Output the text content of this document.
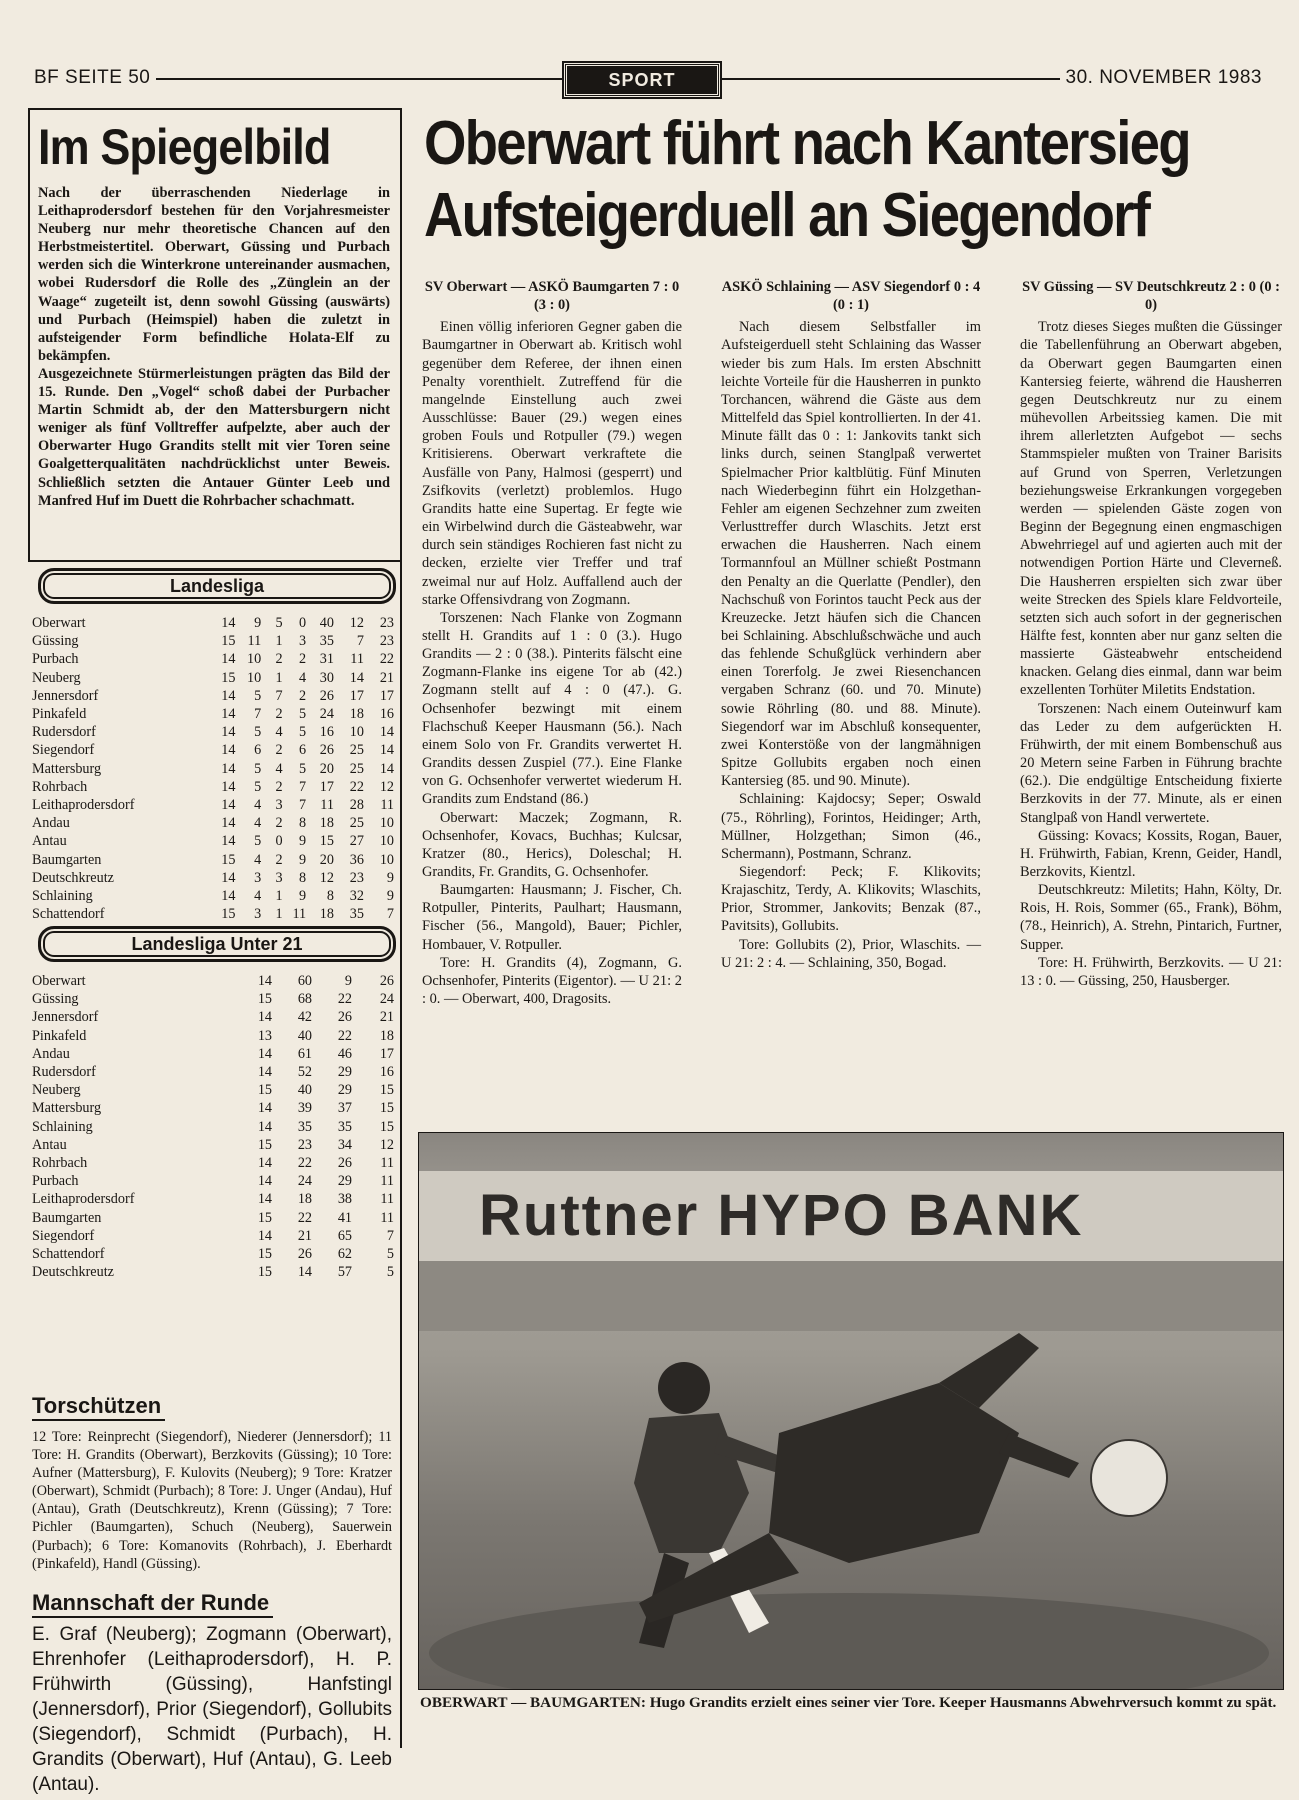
BF SEITE 50	SPORT	30. NOVEMBER 1983
Im Spiegelbild

Nach der überraschenden Niederlage in Leithaprodersdorf bestehen für den Vorjahresmeister Neuberg nur mehr theoretische Chancen auf den Herbstmeistertitel. Oberwart, Güssing und Purbach werden sich die Winterkrone untereinander ausmachen, wobei Rudersdorf die Rolle des „Zünglein an der Waage“ zugeteilt ist, denn sowohl Güssing (auswärts) und Purbach (Heimspiel) haben die zuletzt in aufsteigender Form befindliche Holata-Elf zu bekämpfen.

Ausgezeichnete Stürmerleistungen prägten das Bild der 15. Runde. Den „Vogel“ schoß dabei der Purbacher Martin Schmidt ab, der den Mattersburgern nicht weniger als fünf Volltreffer aufpelzte, aber auch der Oberwarter Hugo Grandits stellt mit vier Toren seine Goalgetterqualitäten nachdrücklichst unter Beweis. Schließlich setzten die Antauer Günter Leeb und Manfred Huf im Duett die Rohrbacher schachmatt.

Landesliga
Oberwart	14	9	5	0	40	12	23
Güssing	15	11	1	3	35	7	23
Purbach	14	10	2	2	31	11	22
Neuberg	15	10	1	4	30	14	21
Jennersdorf	14	5	7	2	26	17	17
Pinkafeld	14	7	2	5	24	18	16
Rudersdorf	14	5	4	5	16	10	14
Siegendorf	14	6	2	6	26	25	14
Mattersburg	14	5	4	5	20	25	14
Rohrbach	14	5	2	7	17	22	12
Leithaprodersdorf	14	4	3	7	11	28	11
Andau	14	4	2	8	18	25	10
Antau	14	5	0	9	15	27	10
Baumgarten	15	4	2	9	20	36	10
Deutschkreutz	14	3	3	8	12	23	9
Schlaining	14	4	1	9	8	32	9
Schattendorf	15	3	1	11	18	35	7
Landesliga Unter 21
Oberwart	14	60	9	26
Güssing	15	68	22	24
Jennersdorf	14	42	26	21
Pinkafeld	13	40	22	18
Andau	14	61	46	17
Rudersdorf	14	52	29	16
Neuberg	15	40	29	15
Mattersburg	14	39	37	15
Schlaining	14	35	35	15
Antau	15	23	34	12
Rohrbach	14	22	26	11
Purbach	14	24	29	11
Leithaprodersdorf	14	18	38	11
Baumgarten	15	22	41	11
Siegendorf	14	21	65	7
Schattendorf	15	26	62	5
Deutschkreutz	15	14	57	5
Torschützen
12 Tore: Reinprecht (Siegendorf), Niederer (Jennersdorf); 11 Tore: H. Grandits (Oberwart), Berzkovits (Güssing); 10 Tore: Aufner (Mattersburg), F. Kulovits (Neuberg); 9 Tore: Kratzer (Oberwart), Schmidt (Purbach); 8 Tore: J. Unger (Andau), Huf (Antau), Grath (Deutschkreutz), Krenn (Güssing); 7 Tore: Pichler (Baumgarten), Schuch (Neuberg), Sauerwein (Purbach); 6 Tore: Komanovits (Rohrbach), J. Eberhardt (Pinkafeld), Handl (Güssing).
Mannschaft der Runde
E. Graf (Neuberg); Zogmann (Oberwart), Ehrenhofer (Leithaprodersdorf), H. P. Frühwirth (Güssing), Hanfstingl (Jennersdorf), Prior (Siegendorf), Gollubits (Siegendorf), Schmidt (Purbach), H. Grandits (Oberwart), Huf (Antau), G. Leeb (Antau).
Oberwart führt nach Kantersieg
Aufsteigerduell an Siegendorf
SV Oberwart — ASKÖ Baumgarten 7 : 0 (3 : 0)

Einen völlig inferioren Gegner gaben die Baumgartner in Oberwart ab. Kritisch wohl gegenüber dem Referee, der ihnen einen Penalty vorenthielt. Zutreffend für die mangelnde Einstellung auch zwei Ausschlüsse: Bauer (29.) wegen eines groben Fouls und Rotpuller (79.) wegen Kritisierens. Oberwart verkraftete die Ausfälle von Pany, Halmosi (gesperrt) und Zsifkovits (verletzt) problemlos. Hugo Grandits hatte eine Supertag. Er fegte wie ein Wirbelwind durch die Gästeabwehr, war durch sein ständiges Rochieren fast nicht zu decken, erzielte vier Treffer und traf zweimal nur auf Holz. Auffallend auch der starke Offensivdrang von Zogmann.

Torszenen: Nach Flanke von Zogmann stellt H. Grandits auf 1 : 0 (3.). Hugo Grandits — 2 : 0 (38.). Pinterits fälscht eine Zogmann-Flanke ins eigene Tor ab (42.) Zogmann stellt auf 4 : 0 (47.). G. Ochsenhofer bezwingt mit einem Flachschuß Keeper Hausmann (56.). Nach einem Solo von Fr. Grandits verwertet H. Grandits dessen Zuspiel (77.). Eine Flanke von G. Ochsenhofer verwertet wiederum H. Grandits zum Endstand (86.)

Oberwart: Maczek; Zogmann, R. Ochsenhofer, Kovacs, Buchhas; Kulcsar, Kratzer (80., Herics), Doleschal; H. Grandits, Fr. Grandits, G. Ochsenhofer.

Baumgarten: Hausmann; J. Fischer, Ch. Rotpuller, Pinterits, Paulhart; Hausmann, Fischer (56., Mangold), Bauer; Pichler, Hombauer, V. Rotpuller.

Tore: H. Grandits (4), Zogmann, G. Ochsenhofer, Pinterits (Eigentor). — U 21: 2 : 0. — Oberwart, 400, Dragosits.

ASKÖ Schlaining — ASV Siegendorf 0 : 4 (0 : 1)

Nach diesem Selbstfaller im Aufsteigerduell steht Schlaining das Wasser wieder bis zum Hals. Im ersten Abschnitt leichte Vorteile für die Hausherren in punkto Torchancen, während die Gäste aus dem Mittelfeld das Spiel kontrollierten. In der 41. Minute fällt das 0 : 1: Jankovits tankt sich links durch, seinen Stanglpaß verwertet Spielmacher Prior kaltblütig. Fünf Minuten nach Wiederbeginn führt ein Holzgethan-Fehler am eigenen Sechzehner zum zweiten Verlusttreffer durch Wlaschits. Jetzt erst erwachen die Hausherren. Nach einem Tormannfoul an Müllner schießt Postmann den Penalty an die Querlatte (Pendler), den Nachschuß von Forintos taucht Peck aus der Kreuzecke. Jetzt häufen sich die Chancen bei Schlaining. Abschlußschwäche und auch das fehlende Schußglück verhindern aber einen Torerfolg. Je zwei Riesenchancen vergaben Schranz (60. und 70. Minute) sowie Röhrling (80. und 88. Minute). Siegendorf war im Abschluß konsequenter, zwei Konterstöße von der langmähnigen Spitze Gollubits ergaben noch einen Kantersieg (85. und 90. Minute).

Schlaining: Kajdocsy; Seper; Oswald (75., Röhrling), Forintos, Heidinger; Arth, Müllner, Holzgethan; Simon (46., Schermann), Postmann, Schranz.

Siegendorf: Peck; F. Klikovits; Krajaschitz, Terdy, A. Klikovits; Wlaschits, Prior, Strommer, Jankovits; Benzak (87., Pavitsits), Gollubits.

Tore: Gollubits (2), Prior, Wlaschits. — U 21: 2 : 4. — Schlaining, 350, Bogad.

SV Güssing — SV Deutschkreutz 2 : 0 (0 : 0)

Trotz dieses Sieges mußten die Güssinger die Tabellenführung an Oberwart abgeben, da Oberwart gegen Baumgarten einen Kantersieg feierte, während die Hausherren gegen Deutschkreutz nur zu einem mühevollen Arbeitssieg kamen. Die mit ihrem allerletzten Aufgebot — sechs Stammspieler mußten von Trainer Barisits auf Grund von Sperren, Verletzungen beziehungsweise Erkrankungen vorgegeben werden — spielenden Gäste zogen von Beginn der Begegnung einen engmaschigen Abwehrriegel auf und agierten auch mit der notwendigen Portion Härte und Cleverneß. Die Hausherren erspielten sich zwar über weite Strecken des Spiels klare Feldvorteile, setzten sich auch sofort in der gegnerischen Hälfte fest, konnten aber nur ganz selten die massierte Gästeabwehr entscheidend knacken. Gelang dies einmal, dann war beim exzellenten Torhüter Miletits Endstation.

Torszenen: Nach einem Outeinwurf kam das Leder zu dem aufgerückten H. Frühwirth, der mit einem Bombenschuß aus 20 Metern seine Farben in Führung brachte (62.). Die endgültige Entscheidung fixierte Berzkovits in der 77. Minute, als er einen Stanglpaß von Handl verwertete.

Güssing: Kovacs; Kossits, Rogan, Bauer, H. Frühwirth, Fabian, Krenn, Geider, Handl, Berzkovits, Kientzl.

Deutschkreutz: Miletits; Hahn, Költy, Dr. Rois, H. Rois, Sommer (65., Frank), Böhm, (78., Heinrich), A. Strehn, Pintarich, Furtner, Supper.

Tore: H. Frühwirth, Berzkovits. — U 21: 13 : 0. — Güssing, 250, Hausberger.

Ruttner HYPO BANK
OBERWART — BAUMGARTEN: Hugo Grandits erzielt eines seiner vier Tore. Keeper Hausmanns Abwehrversuch kommt zu spät.
